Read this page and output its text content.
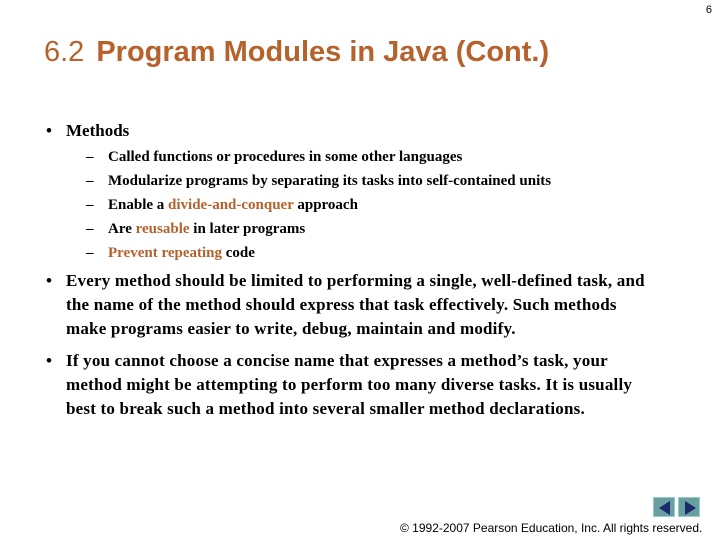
6
6.2 Program Modules in Java (Cont.)
• Methods
– Called functions or procedures in some other languages
– Modularize programs by separating its tasks into self-contained units
– Enable a divide-and-conquer approach
– Are reusable in later programs
– Prevent repeating code
• Every method should be limited to performing a single, well-defined task, and the name of the method should express that task effectively. Such methods make programs easier to write, debug, maintain and modify.
• If you cannot choose a concise name that expresses a method’s task, your method might be attempting to perform too many diverse tasks. It is usually best to break such a method into several smaller method declarations.
© 1992-2007 Pearson Education, Inc. All rights reserved.
